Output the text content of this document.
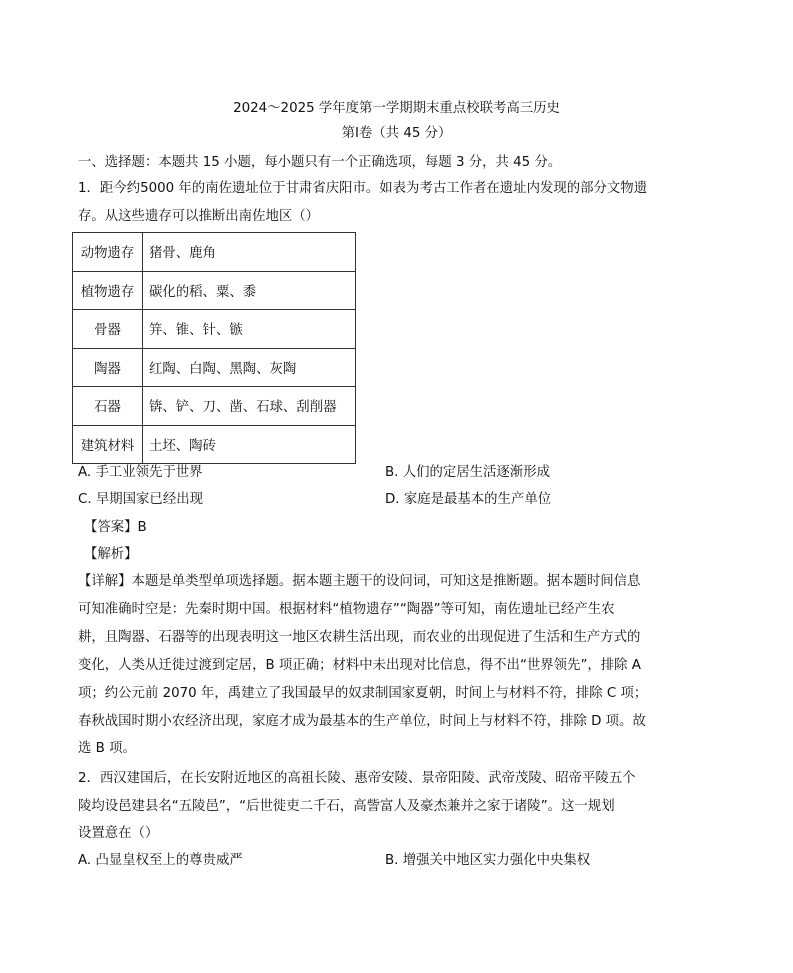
2024～2025 学年度第一学期期末重点校联考高三历史
第Ⅰ卷（共 45 分）
一、选择题：本题共 15 小题，每小题只有一个正确选项，每题 3 分，共 45 分。
1．距今约5000 年的南佐遗址位于甘肃省庆阳市。如表为考古工作者在遗址内发现的部分文物遗
存。从这些遗存可以推断出南佐地区（）
动物遗存	猪骨、鹿角
植物遗存	碳化的稻、粟、黍
骨器	笄、锥、针、镞
陶器	红陶、白陶、黑陶、灰陶
石器	锛、铲、刀、凿、石球、刮削器
建筑材料	土坯、陶砖
A. 手工业领先于世界	B. 人们的定居生活逐渐形成
C. 早期国家已经出现	D. 家庭是最基本的生产单位
【答案】B
【解析】
【详解】本题是单类型单项选择题。据本题主题干的设问词，可知这是推断题。据本题时间信息
可知准确时空是：先秦时期中国。根据材料“植物遗存”“陶器”等可知，南佐遗址已经产生农
耕，且陶器、石器等的出现表明这一地区农耕生活出现，而农业的出现促进了生活和生产方式的
变化，人类从迁徙过渡到定居，B 项正确；材料中未出现对比信息，得不出“世界领先”，排除 A
项；约公元前 2070 年，禹建立了我国最早的奴隶制国家夏朝，时间上与材料不符，排除 C 项；
春秋战国时期小农经济出现，家庭才成为最基本的生产单位，时间上与材料不符，排除 D 项。故
选 B 项。
2．西汉建国后，在长安附近地区的高祖长陵、惠帝安陵、景帝阳陵、武帝茂陵、昭帝平陵五个
陵均设邑建县名“五陵邑”，“后世徙吏二千石，高訾富人及豪杰兼并之家于诸陵”。这一规划
设置意在（）
A. 凸显皇权至上的尊贵威严	B. 增强关中地区实力强化中央集权
